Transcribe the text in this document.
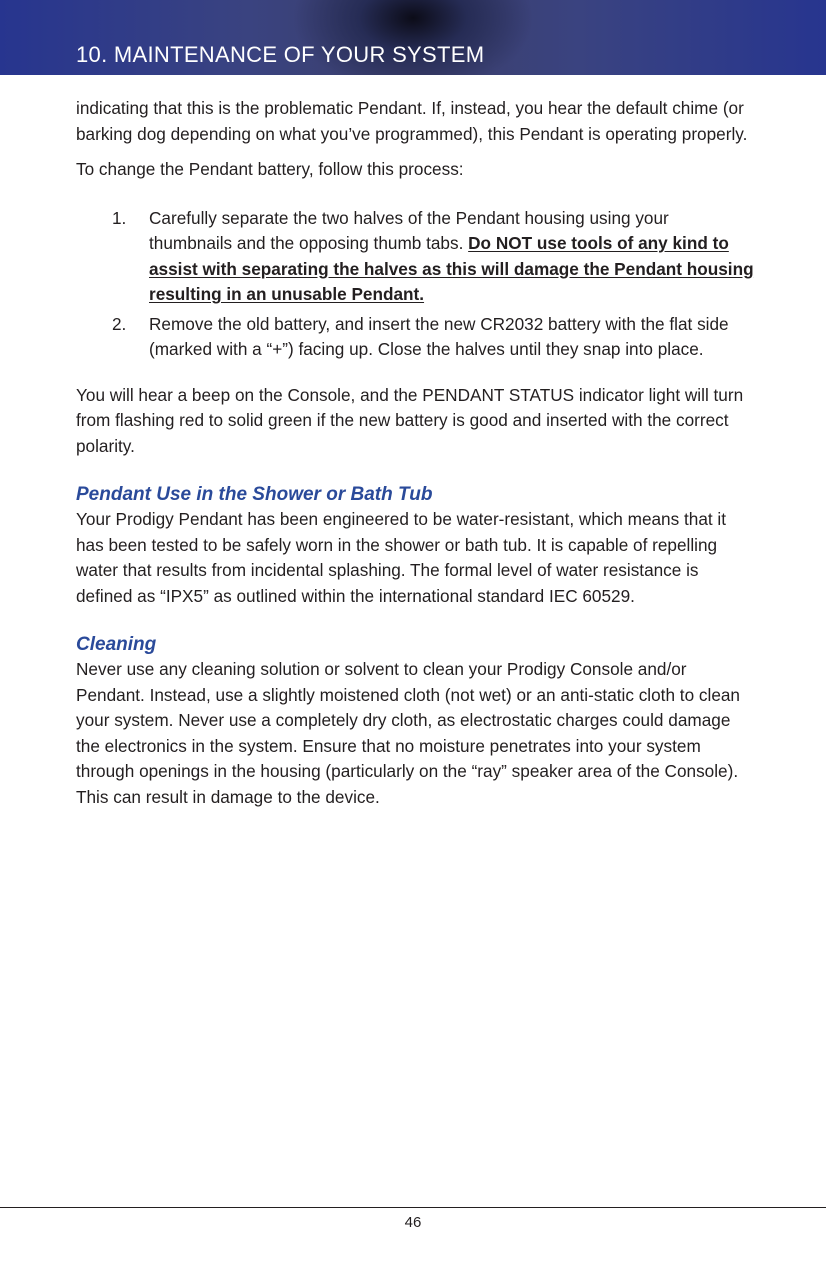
10. MAINTENANCE OF YOUR SYSTEM

indicating that this is the problematic Pendant. If, instead, you hear the default chime (or barking dog depending on what you’ve programmed), this Pendant is operating properly.

To change the Pendant battery, follow this process:

1. Carefully separate the two halves of the Pendant housing using your thumbnails and the opposing thumb tabs. Do NOT use tools of any kind to assist with separating the halves as this will damage the Pendant housing resulting in an unusable Pendant.
2. Remove the old battery, and insert the new CR2032 battery with the flat side (marked with a “+”) facing up. Close the halves until they snap into place.

You will hear a beep on the Console, and the PENDANT STATUS indicator light will turn from flashing red to solid green if the new battery is good and inserted with the correct polarity.

Pendant Use in the Shower or Bath Tub

Your Prodigy Pendant has been engineered to be water-resistant, which means that it has been tested to be safely worn in the shower or bath tub. It is capable of repelling water that results from incidental splashing. The formal level of water resistance is defined as “IPX5” as outlined within the international standard IEC 60529.

Cleaning

Never use any cleaning solution or solvent to clean your Prodigy Console and/or Pendant. Instead, use a slightly moistened cloth (not wet) or an anti-static cloth to clean your system. Never use a completely dry cloth, as electrostatic charges could damage the electronics in the system. Ensure that no moisture penetrates into your system through openings in the housing (particularly on the “ray” speaker area of the Console). This can result in damage to the device.

46
